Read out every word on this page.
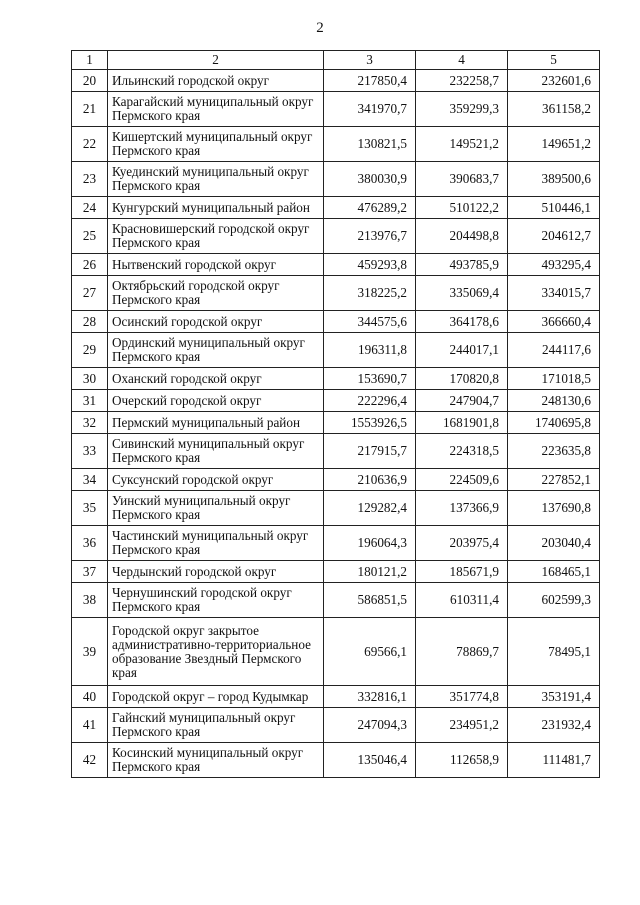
2
1	2	3	4	5
20	Ильинский городской округ	217850,4	232258,7	232601,6
21	Карагайский муниципальный округ Пермского края	341970,7	359299,3	361158,2
22	Кишертский муниципальный округ Пермского края	130821,5	149521,2	149651,2
23	Куединский муниципальный округ Пермского края	380030,9	390683,7	389500,6
24	Кунгурский муниципальный район	476289,2	510122,2	510446,1
25	Красновишерский городской округ Пермского края	213976,7	204498,8	204612,7
26	Нытвенский городской округ	459293,8	493785,9	493295,4
27	Октябрьский городской округ Пермского края	318225,2	335069,4	334015,7
28	Осинский городской округ	344575,6	364178,6	366660,4
29	Ординский муниципальный округ Пермского края	196311,8	244017,1	244117,6
30	Оханский городской округ	153690,7	170820,8	171018,5
31	Очерский городской округ	222296,4	247904,7	248130,6
32	Пермский муниципальный район	1553926,5	1681901,8	1740695,8
33	Сивинский муниципальный округ Пермского края	217915,7	224318,5	223635,8
34	Суксунский городской округ	210636,9	224509,6	227852,1
35	Уинский муниципальный округ Пермского края	129282,4	137366,9	137690,8
36	Частинский муниципальный округ Пермского края	196064,3	203975,4	203040,4
37	Чердынский городской округ	180121,2	185671,9	168465,1
38	Чернушинский городской округ Пермского края	586851,5	610311,4	602599,3
39	Городской округ закрытое административно-территориальное образование Звездный Пермского края	69566,1	78869,7	78495,1
40	Городской округ – город Кудымкар	332816,1	351774,8	353191,4
41	Гайнский муниципальный округ Пермского края	247094,3	234951,2	231932,4
42	Косинский муниципальный округ Пермского края	135046,4	112658,9	111481,7
